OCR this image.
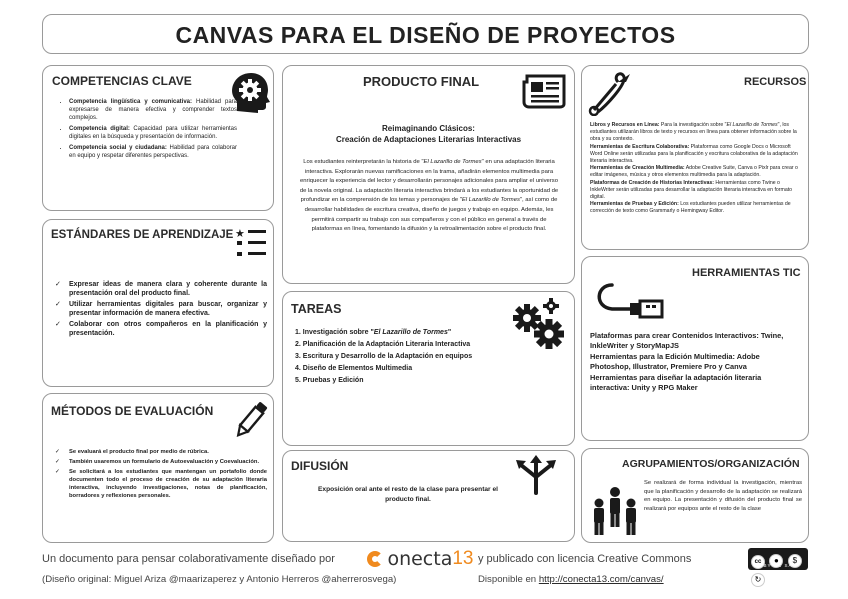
CANVAS PARA EL DISEÑO DE PROYECTOS
COMPETENCIAS CLAVE
• Competencia lingüística y comunicativa: Habilidad para expresarse de manera efectiva y comprender textos complejos.
• Competencia digital: Capacidad para utilizar herramientas digitales en la búsqueda y presentación de información.
• Competencia social y ciudadana: Habilidad para colaborar en equipo y respetar diferentes perspectivas.
ESTÁNDARES DE APRENDIZAJE ★
✓ Expresar ideas de manera clara y coherente durante la presentación oral del producto final.
✓ Utilizar herramientas digitales para buscar, organizar y presentar información de manera efectiva.
✓ Colaborar con otros compañeros en la planificación y presentación.
MÉTODOS DE EVALUACIÓN
✓ Se evaluará el producto final por medio de rúbrica.
✓ También usaremos un formulario de Autoevaluación y Coevaluación.
✓ Se solicitará a los estudiantes que mantengan un portafolio donde documenten todo el proceso de creación de su adaptación literaria interactiva, incluyendo investigaciones, notas de planificación, borradores y reflexiones personales.
PRODUCTO FINAL
Reimaginando Clásicos:
Creación de Adaptaciones Literarias Interactivas
Los estudiantes reinterpretarán la historia de "El Lazarillo de Tormes" en una adaptación literaria interactiva. Explorarán nuevas ramificaciones en la trama, añadirán elementos multimedia para enriquecer la experiencia del lector y desarrollarán personajes adicionales para ampliar el universo de la novela original. La adaptación literaria interactiva brindará a los estudiantes la oportunidad de profundizar en la comprensión de los temas y personajes de "El Lazarillo de Tormes", así como de desarrollar habilidades de escritura creativa, diseño de juegos y trabajo en equipo. Además, les permitirá compartir su trabajo con sus compañeros y con el público en general a través de plataformas en línea, fomentando la difusión y la retroalimentación sobre el producto final.
TAREAS

1. Investigación sobre "El Lazarillo de Tormes"

2. Planificación de la Adaptación Literaria Interactiva

3. Escritura y Desarrollo de la Adaptación en equipos

4. Diseño de Elementos Multimedia

5. Pruebas y Edición

DIFUSIÓN
Exposición oral ante el resto de la clase para presentar el producto final.
RECURSOS

Libros y Recursos en Línea: Para la investigación sobre "El Lazarillo de Tormes", los estudiantes utilizarán libros de texto y recursos en línea para obtener información sobre la obra y su contexto.

Herramientas de Escritura Colaborativa: Plataformas como Google Docs o Microsoft Word Online serán utilizadas para la planificación y escritura colaborativa de la adaptación literaria interactiva.

Herramientas de Creación Multimedia: Adobe Creative Suite, Canva o Pixlr para crear o editar imágenes, música y otros elementos multimedia para la adaptación.

Plataformas de Creación de Historias Interactivas: Herramientas como Twine o InkleWriter serán utilizadas para desarrollar la adaptación literaria interactiva en formato digital.

Herramientas de Pruebas y Edición: Los estudiantes pueden utilizar herramientas de corrección de texto como Grammarly o Hemingway Editor.

HERRAMIENTAS TIC

Plataformas para crear Contenidos Interactivos: Twine, InkleWriter y StoryMapJS

Herramientas para la Edición Multimedia: Adobe Photoshop, Illustrator, Premiere Pro y Canva

Herramientas para diseñar la adaptación literaria interactiva: Unity y RPG Maker

AGRUPAMIENTOS/ORGANIZACIÓN
Se realizará de forma individual la investigación, mientras que la planificación y desarrollo de la adaptación se realizará en equipo. La presentación y difusión del producto final se realizará por equipos ante el resto de la clase
Un documento para pensar colaborativamente diseñado por	onecta13 y publicado con licencia Creative Commons	cc ● $ ↻
BY NC SA
(Diseño original: Miguel Ariza @maarizaperez y Antonio Herreros @aherrerosvega)	Disponible en http://conecta13.com/canvas/
